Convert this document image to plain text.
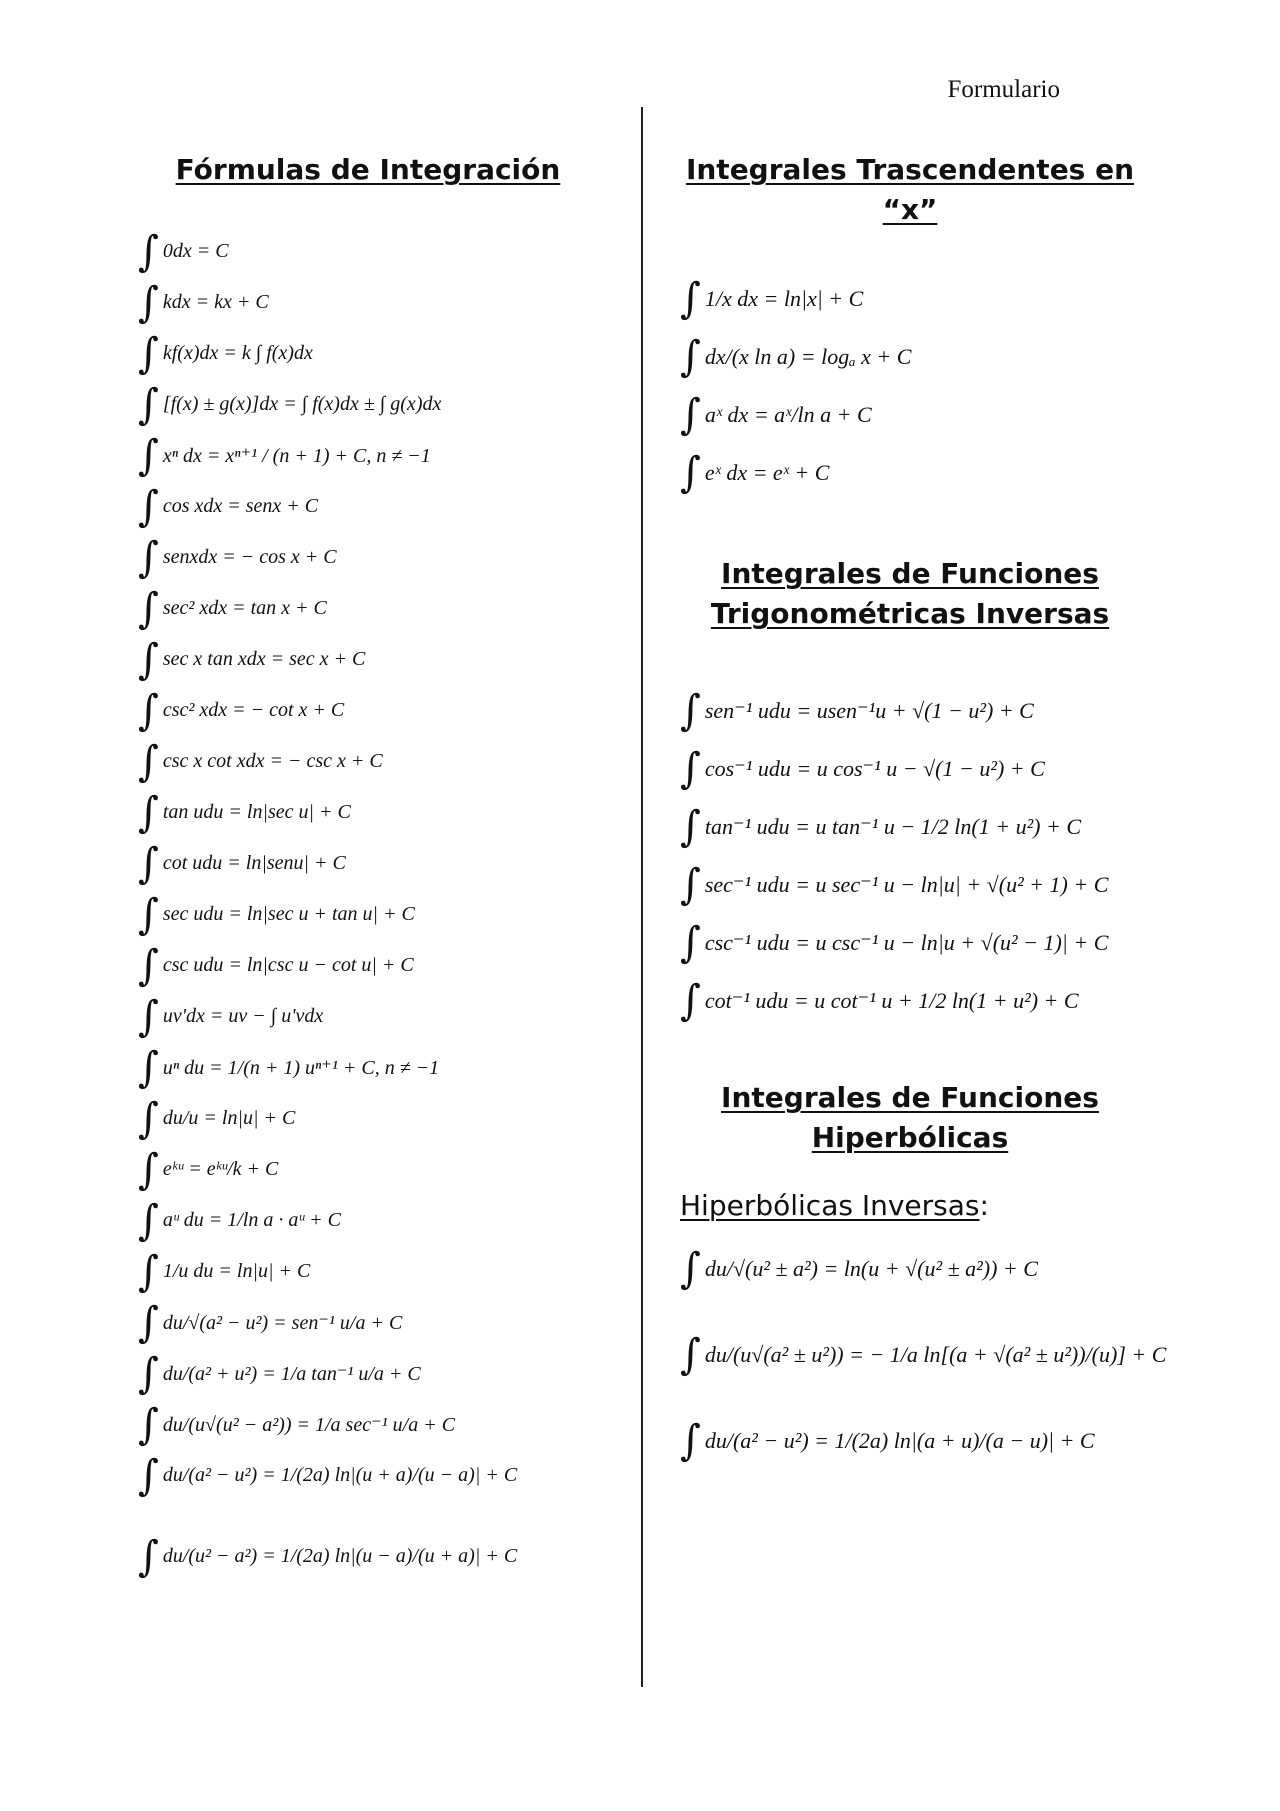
Formulario
Fórmulas de Integración
∫ 0dx = C
∫ kdx = kx + C
∫ kf(x)dx = k ∫ f(x)dx
∫ [f(x) ± g(x)]dx = ∫ f(x)dx ± ∫ g(x)dx
∫ xⁿ dx = xⁿ⁺¹ / (n + 1) + C, n ≠ −1
∫ cos xdx = senx + C
∫ senxdx = − cos x + C
∫ sec² xdx = tan x + C
∫ sec x tan xdx = sec x + C
∫ csc² xdx = − cot x + C
∫ csc x cot xdx = − csc x + C
∫ tan udu = ln|sec u| + C
∫ cot udu = ln|senu| + C
∫ sec udu = ln|sec u + tan u| + C
∫ csc udu = ln|csc u − cot u| + C
∫ uv'dx = uv − ∫ u'vdx
∫ uⁿ du = 1/(n + 1) uⁿ⁺¹ + C, n ≠ −1
∫ du/u = ln|u| + C
∫ eᵏᵘ = eᵏᵘ/k + C
∫ aᵘ du = 1/ln a · aᵘ + C
∫ 1/u du = ln|u| + C
∫ du/√(a² − u²) = sen⁻¹ u/a + C
∫ du/(a² + u²) = 1/a tan⁻¹ u/a + C
∫ du/(u√(u² − a²)) = 1/a sec⁻¹ u/a + C
∫ du/(a² − u²) = 1/(2a) ln|(u + a)/(u − a)| + C
∫ du/(u² − a²) = 1/(2a) ln|(u − a)/(u + a)| + C
Integrales Trascendentes en “x”
∫ 1/x dx = ln|x| + C
∫ dx/(x ln a) = logₐ x + C
∫ aˣ dx = aˣ/ln a + C
∫ eˣ dx = eˣ + C
Integrales de Funciones
Trigonométricas Inversas
∫ sen⁻¹ udu = usen⁻¹u + √(1 − u²) + C
∫ cos⁻¹ udu = u cos⁻¹ u − √(1 − u²) + C
∫ tan⁻¹ udu = u tan⁻¹ u − 1/2 ln(1 + u²) + C
∫ sec⁻¹ udu = u sec⁻¹ u − ln|u| + √(u² + 1) + C
∫ csc⁻¹ udu = u csc⁻¹ u − ln|u + √(u² − 1)| + C
∫ cot⁻¹ udu = u cot⁻¹ u + 1/2 ln(1 + u²) + C
Integrales de Funciones
Hiperbólicas

Hiperbólicas Inversas:

∫ du/√(u² ± a²) = ln(u + √(u² ± a²)) + C
∫ du/(u√(a² ± u²)) = − 1/a ln[(a + √(a² ± u²))/(u)] + C
∫ du/(a² − u²) = 1/(2a) ln|(a + u)/(a − u)| + C
